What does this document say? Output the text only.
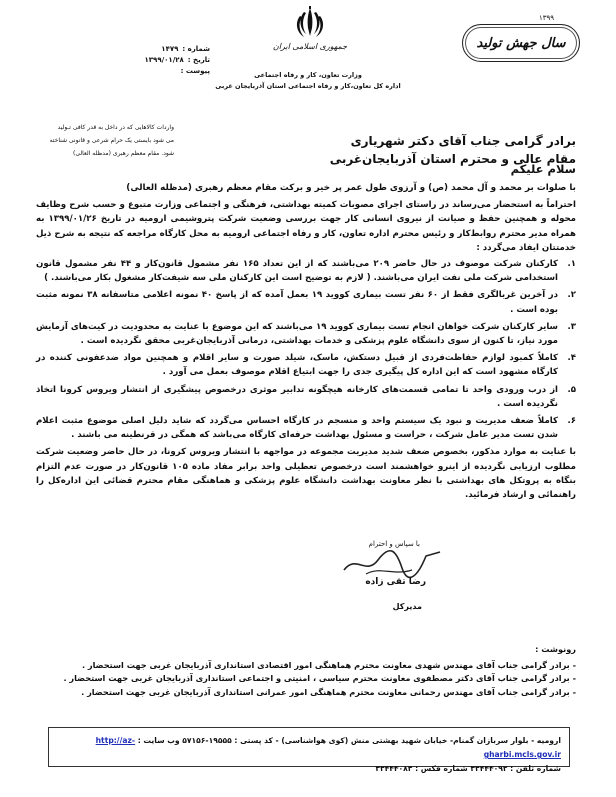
جمهوری اسلامی ایران
وزارت تعاون، کار و رفاه اجتماعی
اداره کل تعاون،کار و رفاه اجتماعی استان آذربایجان غربی
۱۳۹۹
سال جهش تولید
شماره :
۱۴۷۹
تاریخ :
۱۳۹۹/۰۱/۲۸
پیوست :
واردات کالاهایی که در داخل به قدر کافی تـولید
می شود بایستی یک حرام شرعی و قانونی شناخته
شود. مقام معظم رهبری (مدظله العالی)
برادر گرامی جناب آقای دکتر شهریاری
مقام عالی و محترم استان آذربایجان‌غربی
سلام علیکم

با صلوات بر محمد و آل محمد (ص) و آرزوی طول عمر پر خیر و برکت مقام معظم رهبری (مدظله العالی)

احتراماً به استحضار می‌رساند در راستای اجرای مصوبات کمیته بهداشتی، فرهنگی و اجتماعی وزارت متبوع و حسب شرح وظایف محوله و همچنین حفظ و صیانت از نیروی انسانی کار جهت بررسی وضعیت شرکت پتروشیمی ارومیه در تاریخ ۱۳۹۹/۰۱/۲۶ به همراه مدیر محترم روابط‌کار و رئیس محترم اداره تعاون، کار و رفاه اجتماعی ارومیه به محل کارگاه مراجعه که نتیجه به شرح ذیل خدمتتان ایفاد می‌گردد :

۱.
کارکنان شرکت موصوف در حال حاضر ۲۰۹ می‌باشند که از این تعداد ۱۶۵ نفر مشمول قانون‌کار و ۴۴ نفر مشمول قانون استخدامی شرکت ملی نفت ایران می‌باشند. ( لازم به توضیح است این کارکنان ملی سه شیفت‌کار مشغول بکار می‌باشند. )
۲.
در آخرین غربالگری فقط از ۶۰ نفر تست بیماری کووید ۱۹ بعمل آمده که از پاسخ ۴۰ نمونه اعلامی متاسفانه ۳۸ نمونه مثبت بوده است .
۳.
سایر کارکنان شرکت خواهان انجام تست بیماری کووید ۱۹ می‌باشند که این موضوع با عنایت به محدودیت در کیت‌های آزمایش مورد نیاز، تا کنون از سوی دانشگاه علوم پزشکی و خدمات بهداشتی، درمانی آذربایجان‌غربی محقق نگردیده است .
۴.
کاملاً کمبود لوازم حفاظت‌فردی از قبیل دستکش، ماسک، شیلد صورت و سایر اقلام و همچنین مواد ضدعفونی کننده در کارگاه مشهود است که این اداره کل پیگیری جدی را جهت ابتیاع اقلام موصوف بعمل می آورد .
۵.
از درب ورودی واحد تا تمامی قسمت‌های کارخانه هیچگونه تدابیر موثری درخصوص پیشگیری از انتشار ویروس کرونا اتخاذ نگردیده است .
۶.
کاملاً ضعف مدیریت و نبود یک سیستم واحد و منسجم در کارگاه احساس می‌گردد که شاید دلیل اصلی موضوع مثبت اعلام شدن تست مدیر عامل شرکت ، حراست و مسئول بهداشت حرفه‌ای کارگاه می‌باشد که همگی در قرنطینه می باشند .

با عنایت به موارد مذکور، بخصوص ضعف شدید مدیریت مجموعه در مواجهه با انتشار ویروس کرونا، در حال حاضر وضعیت شرکت مطلوب ارزیابی نگردیده از اینرو خواهشمند است درخصوص تعطیلی واحد برابر مفاد ماده ۱۰۵ قانون‌کار در صورت عدم التزام بنگاه به پروتکل های بهداشتی با نظر معاونت بهداشت دانشگاه علوم پزشکی و هماهنگی مقام محترم قضائی این اداره‌کل را راهنمائی و ارشاد فرمائید.

با سپاس و احترام
رضا تقی زاده
مدیرکل
رونوشت :
- برادر گرامی جناب آقای مهندس شهدی معاونت محترم هماهنگی امور اقتصادی استانداری آذربایجان غربی جهت استحضار .
- برادر گرامی جناب آقای دکتر مصطفوی معاونت محترم سیاسی ، امنیتی و اجتماعی استانداری آذربایجان غربی جهت استحضار .
- برادر گرامی جناب آقای مهندس رحمانی معاونت محترم هماهنگی امور عمرانی استانداری آذربایجان غربی جهت استحضار .
ارومیه - بلوار سربازان گمنام- خیابان شهید بهشتی منش (کوی هواشناسی) - کد پستی : ۱۹۵۵۵-۵۷۱۵۶ وب سایت : http://az-gharbi.mcls.gov.ir
شماره تلفن : ۳۳۴۴۴۰۹۲ شماره فکس : ۳۳۴۴۴۰۸۳
